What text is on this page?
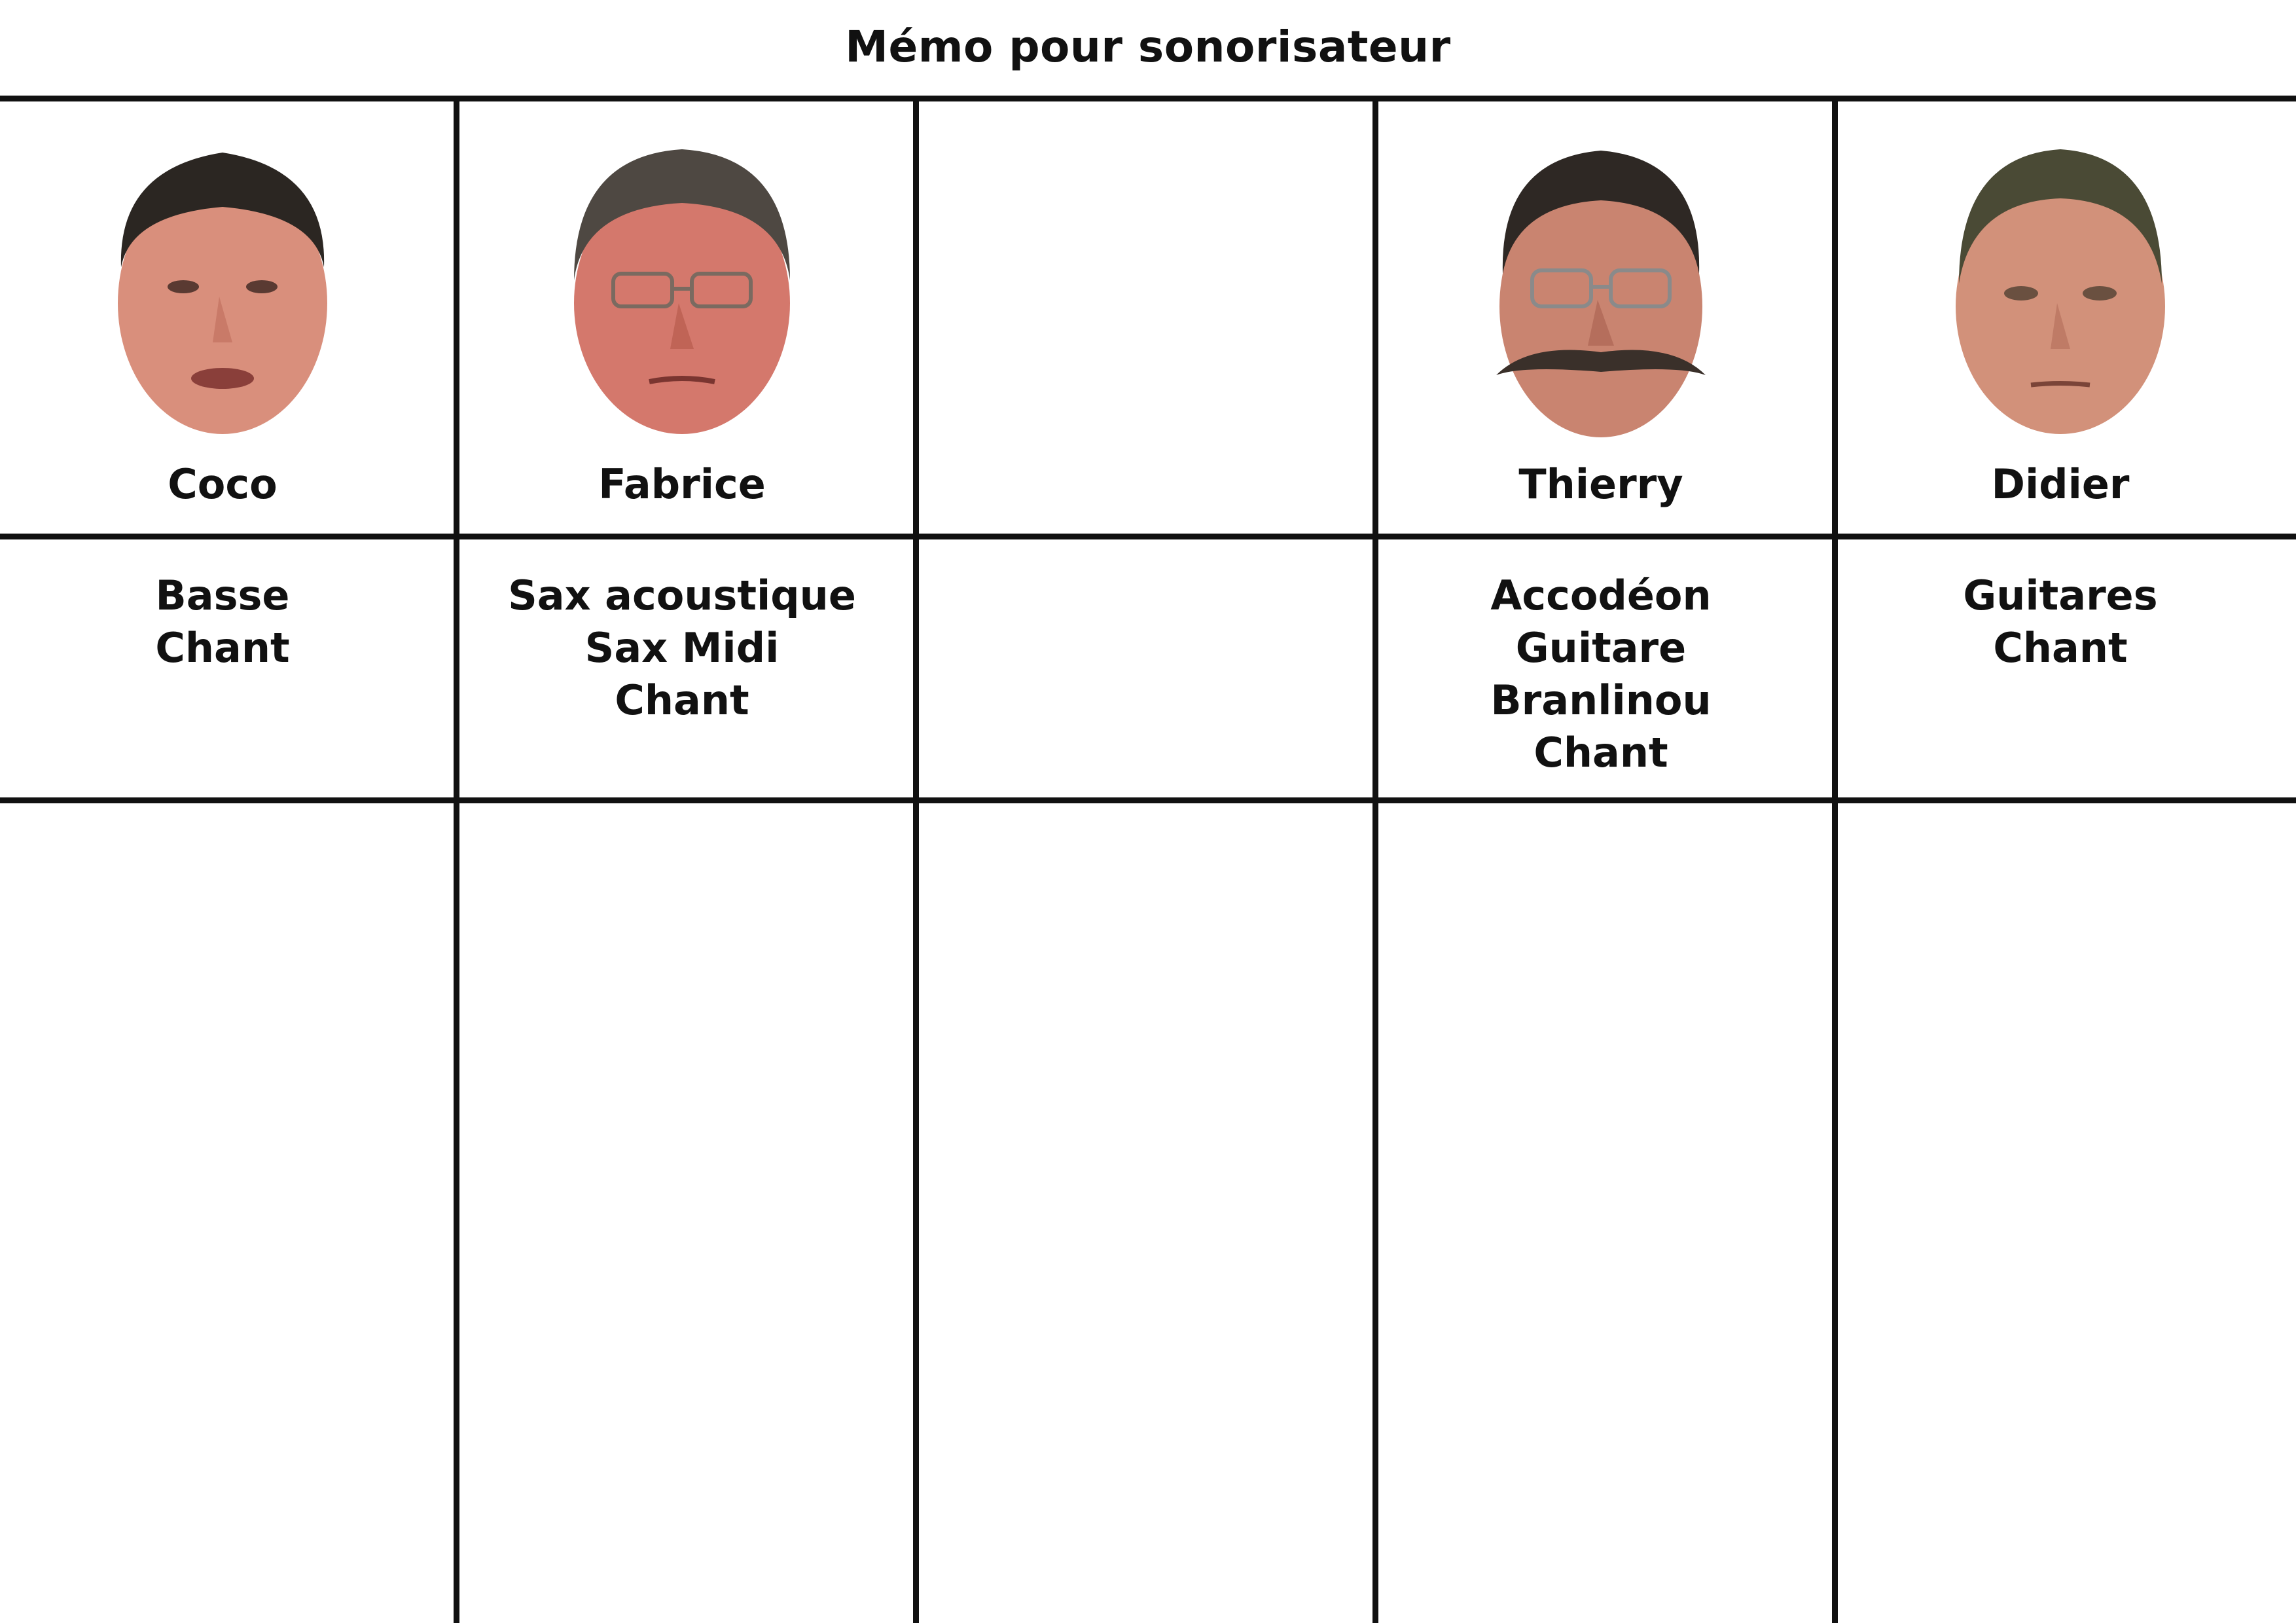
Mémo pour sonorisateur
Coco
Basse
Chant
Fabrice
Sax acoustique
Sax Midi
Chant
Thierry
Accodéon
Guitare
Branlinou
Chant
Didier
Guitares
Chant
